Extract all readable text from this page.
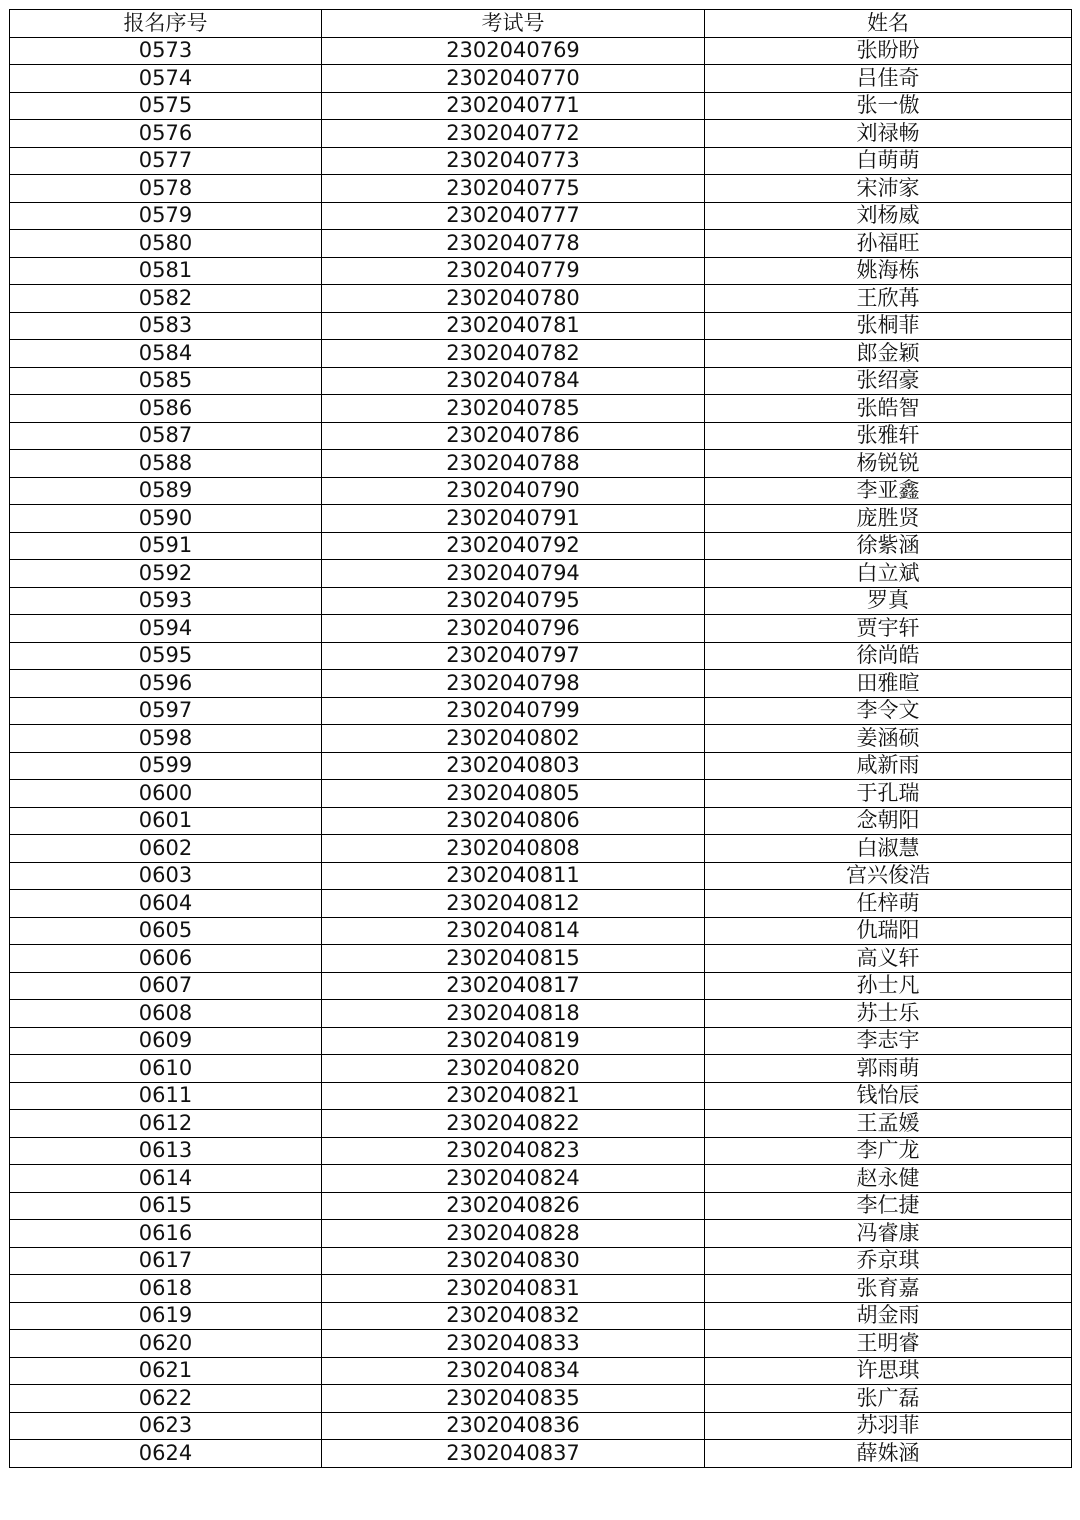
报名序号	考试号	姓名
0573	2302040769	张盼盼
0574	2302040770	吕佳奇
0575	2302040771	张一傲
0576	2302040772	刘禄畅
0577	2302040773	白萌萌
0578	2302040775	宋沛家
0579	2302040777	刘杨威
0580	2302040778	孙福旺
0581	2302040779	姚海栋
0582	2302040780	王欣苒
0583	2302040781	张桐菲
0584	2302040782	郎金颖
0585	2302040784	张绍豪
0586	2302040785	张皓智
0587	2302040786	张雅轩
0588	2302040788	杨锐锐
0589	2302040790	李亚鑫
0590	2302040791	庞胜贤
0591	2302040792	徐紫涵
0592	2302040794	白立斌
0593	2302040795	罗真
0594	2302040796	贾宇轩
0595	2302040797	徐尚皓
0596	2302040798	田雅暄
0597	2302040799	李令文
0598	2302040802	姜涵硕
0599	2302040803	咸新雨
0600	2302040805	于孔瑞
0601	2302040806	念朝阳
0602	2302040808	白淑慧
0603	2302040811	宫兴俊浩
0604	2302040812	任梓萌
0605	2302040814	仇瑞阳
0606	2302040815	高义轩
0607	2302040817	孙士凡
0608	2302040818	苏士乐
0609	2302040819	李志宇
0610	2302040820	郭雨萌
0611	2302040821	钱怡辰
0612	2302040822	王孟媛
0613	2302040823	李广龙
0614	2302040824	赵永健
0615	2302040826	李仁捷
0616	2302040828	冯睿康
0617	2302040830	乔京琪
0618	2302040831	张育嘉
0619	2302040832	胡金雨
0620	2302040833	王明睿
0621	2302040834	许思琪
0622	2302040835	张广磊
0623	2302040836	苏羽菲
0624	2302040837	薛姝涵
